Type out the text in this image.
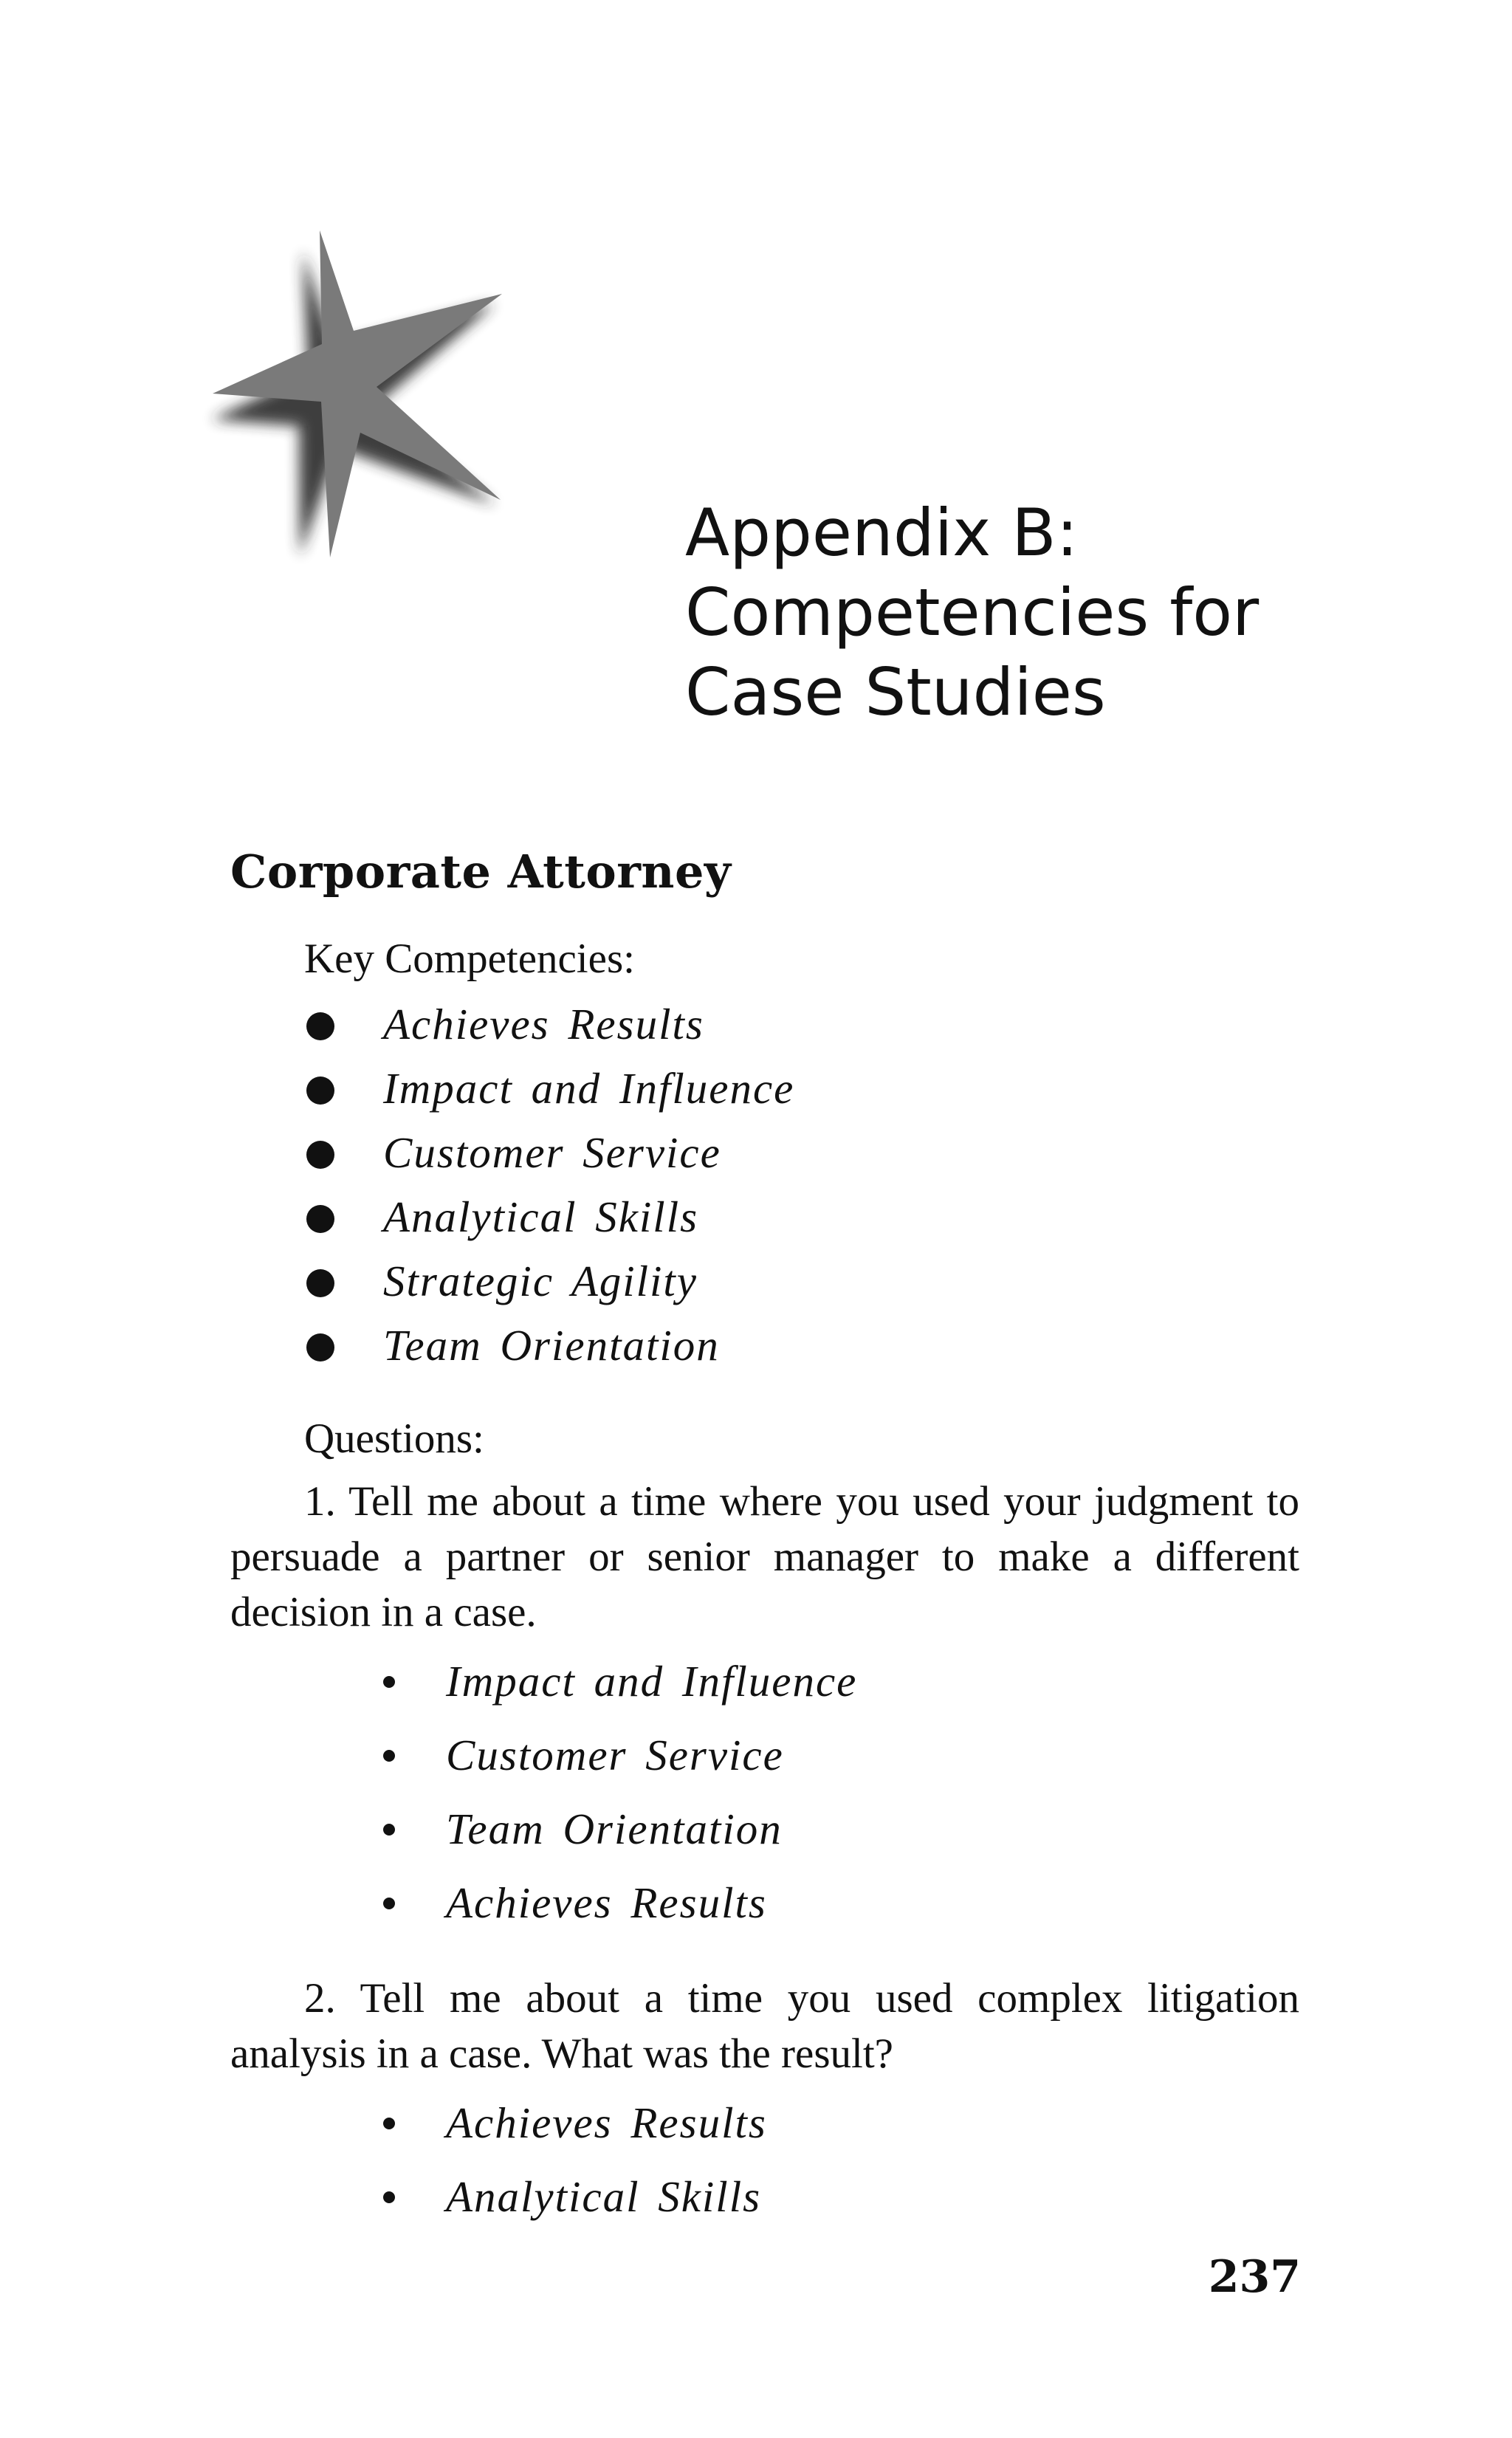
Appendix B:
Competencies for
Case Studies
Corporate Attorney
Key Competencies:
Achieves Results
Impact and Influence
Customer Service
Analytical Skills
Strategic Agility
Team Orientation
Questions:

1. Tell me about a time where you used your judgment to persuade a partner or senior manager to make a different decision in a case.

Impact and Influence
Customer Service
Team Orientation
Achieves Results

2. Tell me about a time you used complex litigation analysis in a case. What was the result?

Achieves Results
Analytical Skills
237
